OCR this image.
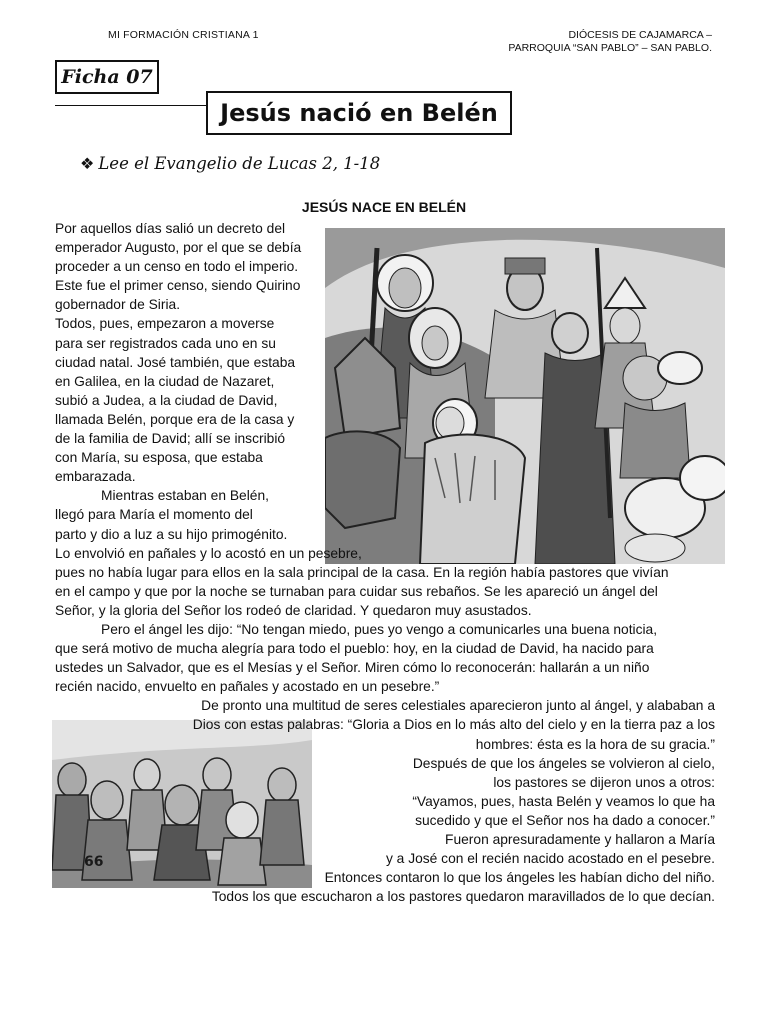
MI FORMACIÓN CRISTIANA 1	DIÓCESIS DE CAJAMARCA –
PARROQUIA “SAN PABLO” – SAN PABLO.
Ficha 07
Jesús nació en Belén
❖ Lee el Evangelio de Lucas 2, 1-18
JESÚS NACE EN BELÉN
66
Por aquellos días salió un decreto del
emperador Augusto, por el que se debía
proceder a un censo en todo el imperio.
Este fue el primer censo, siendo Quirino
gobernador de Siria.
Todos, pues, empezaron a moverse
para ser registrados cada uno en su
ciudad natal. José también, que estaba
en Galilea, en la ciudad de Nazaret,
subió a Judea, a la ciudad de David,
llamada Belén, porque era de la casa y
de la familia de David; allí se inscribió
con María, su esposa, que estaba
embarazada.
Mientras estaban en Belén,
llegó para María el momento del
parto y dio a luz a su hijo primogénito.
Lo envolvió en pañales y lo acostó en un pesebre,
pues no había lugar para ellos en la sala principal de la casa. En la región había pastores que vivían
en el campo y que por la noche se turnaban para cuidar sus rebaños. Se les apareció un ángel del
Señor, y la gloria del Señor los rodeó de claridad. Y quedaron muy asustados.
Pero el ángel les dijo: “No tengan miedo, pues yo vengo a comunicarles una buena noticia,
que será motivo de mucha alegría para todo el pueblo: hoy, en la ciudad de David, ha nacido para
ustedes un Salvador, que es el Mesías y el Señor. Miren cómo lo reconocerán: hallarán a un niño
recién nacido, envuelto en pañales y acostado en un pesebre.”
De pronto una multitud de seres celestiales aparecieron junto al ángel, y alababan a
Dios con estas palabras: “Gloria a Dios en lo más alto del cielo y en la tierra paz a los
hombres: ésta es la hora de su gracia.”
Después de que los ángeles se volvieron al cielo,
los pastores se dijeron unos a otros:
“Vayamos, pues, hasta Belén y veamos lo que ha
sucedido y que el Señor nos ha dado a conocer.”
Fueron apresuradamente y hallaron a María
y a José con el recién nacido acostado en el pesebre.
Entonces contaron lo que los ángeles les habían dicho del niño.
Todos los que escucharon a los pastores quedaron maravillados de lo que decían.
